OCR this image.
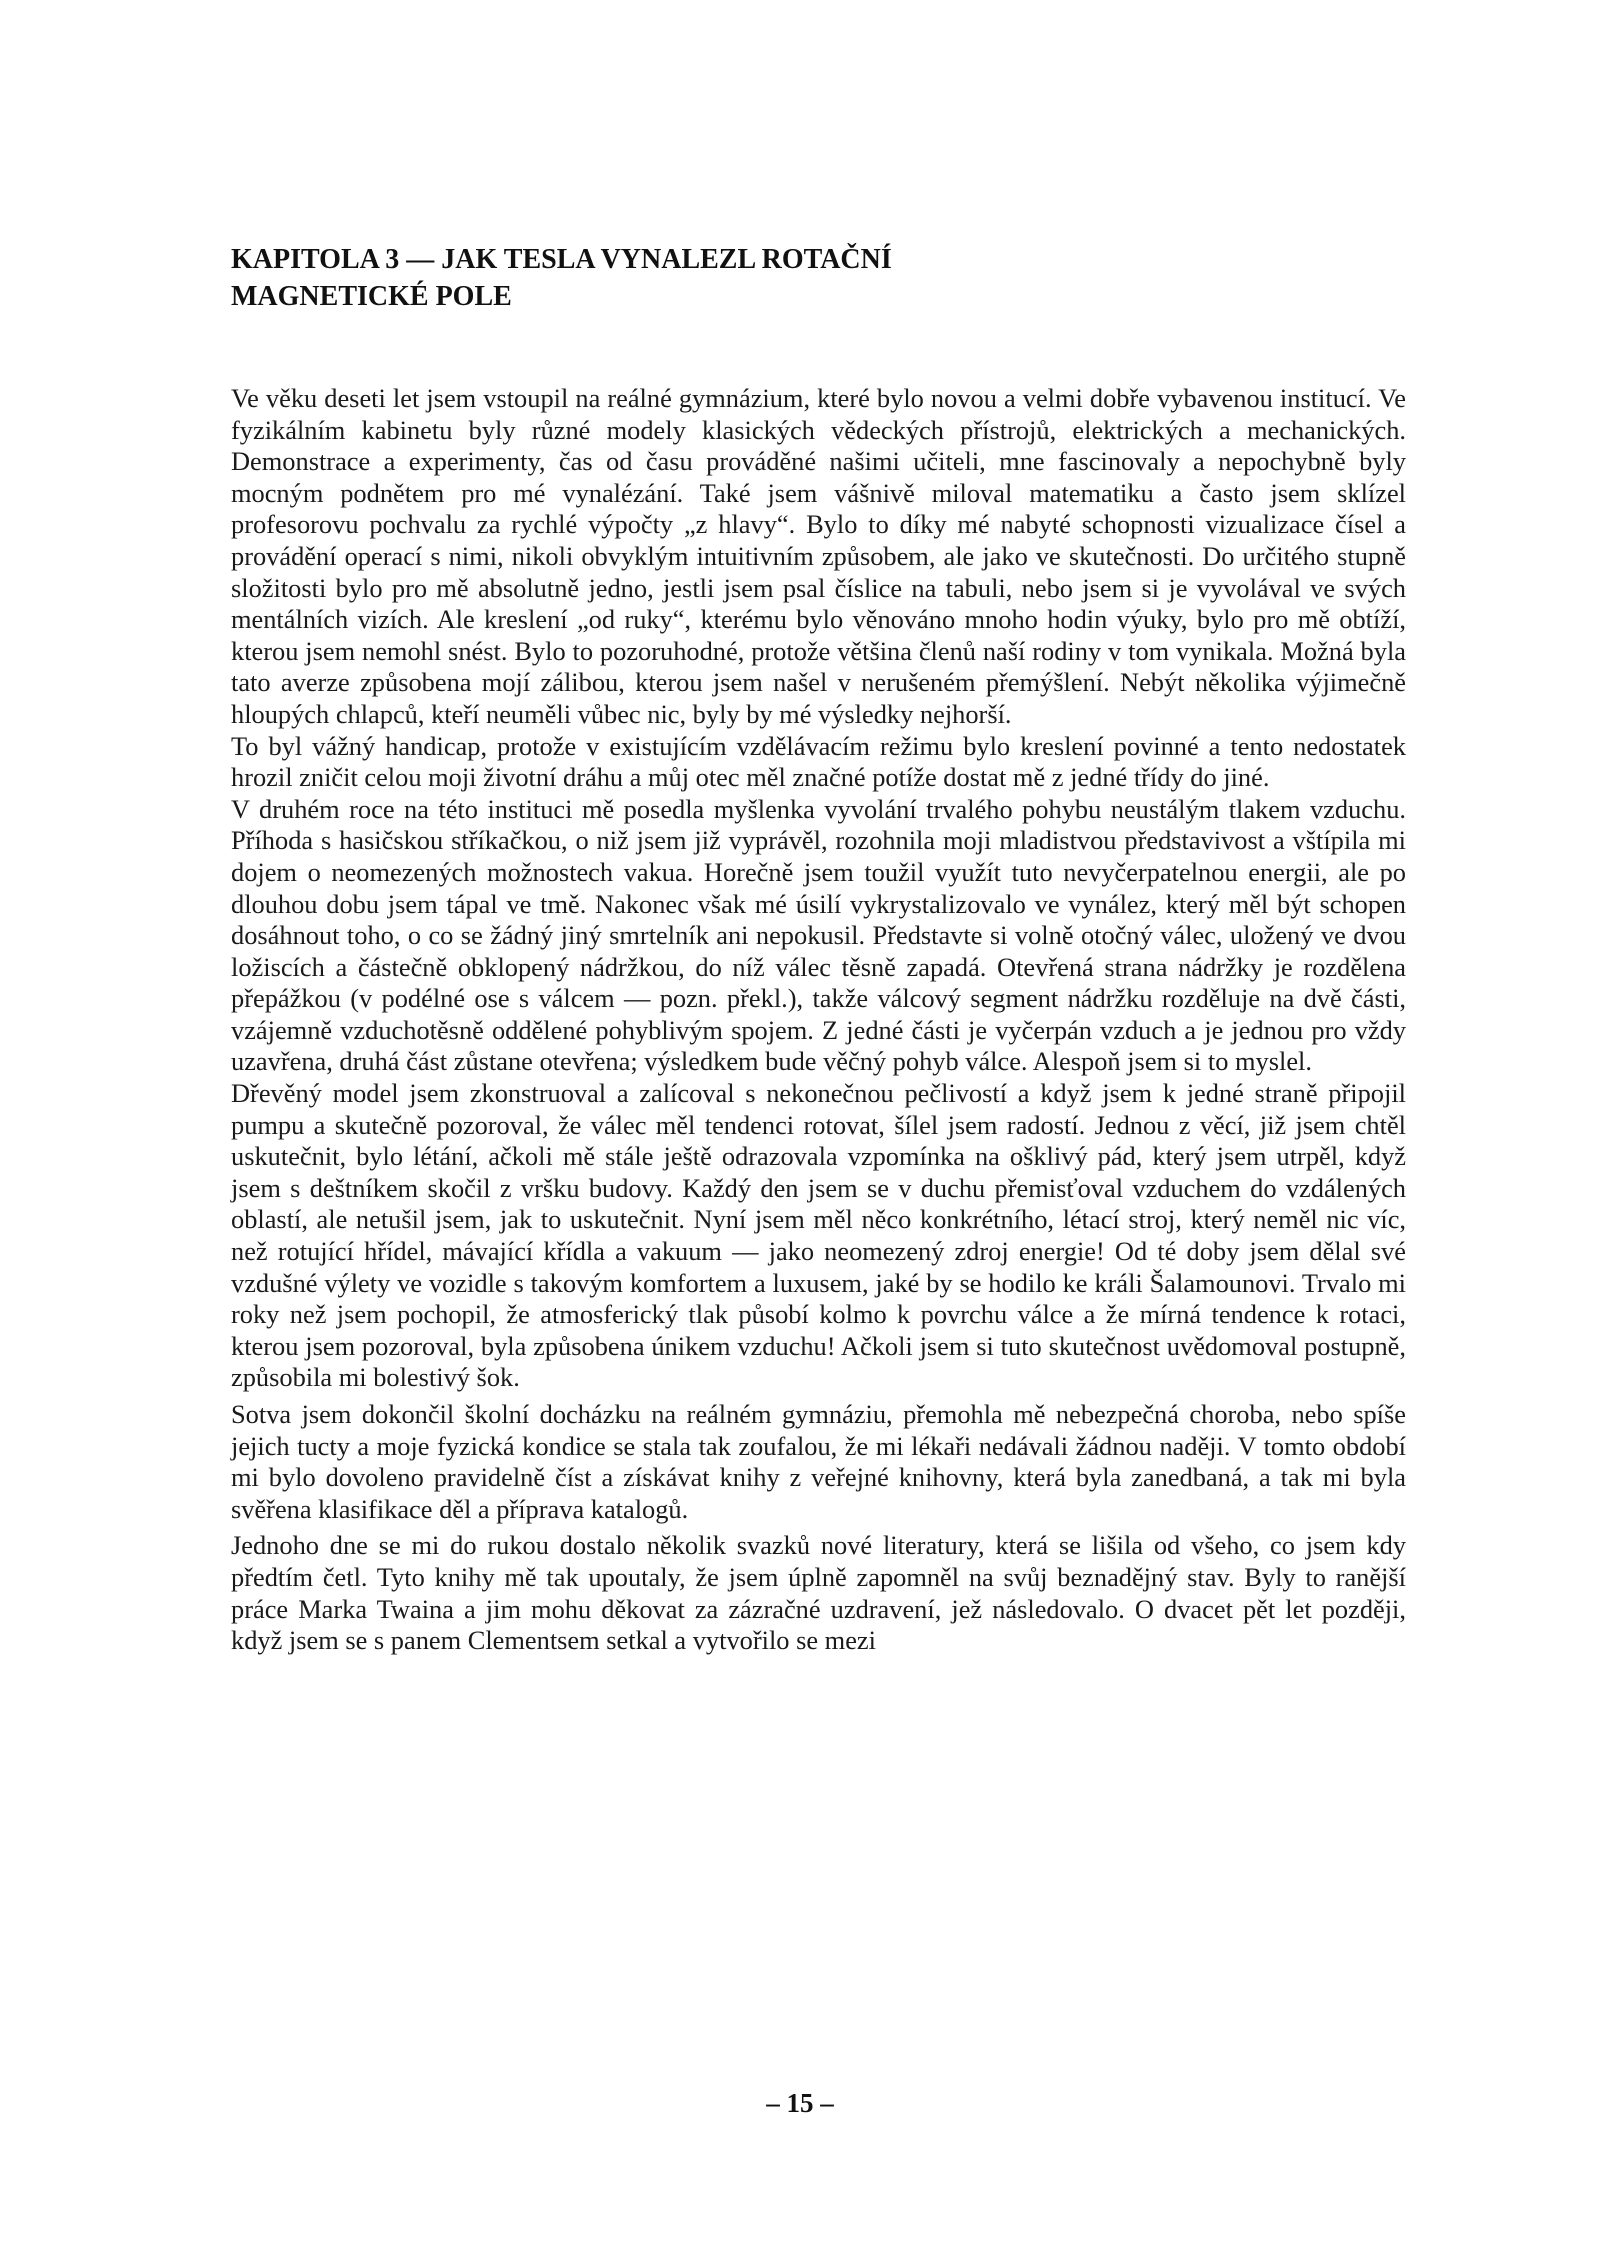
KAPITOLA 3 — JAK TESLA VYNALEZL ROTAČNÍ
MAGNETICKÉ POLE

Ve věku deseti let jsem vstoupil na reálné gymnázium, které bylo novou a velmi dobře vybavenou institucí. Ve fyzikálním kabinetu byly různé modely klasických vědeckých přístrojů, elektrických a mechanických. Demonstrace a experimenty, čas od času prováděné našimi učiteli, mne fascinovaly a nepochybně byly mocným podnětem pro mé vynalézání. Také jsem vášnivě miloval matematiku a často jsem sklízel profesorovu pochvalu za rychlé výpočty „z hlavy“. Bylo to díky mé nabyté schopnosti vizualizace čísel a provádění operací s nimi, nikoli obvyklým intuitivním způsobem, ale jako ve skutečnosti. Do určitého stupně složitosti bylo pro mě absolutně jedno, jestli jsem psal číslice na tabuli, nebo jsem si je vyvolával ve svých mentálních vizích. Ale kreslení „od ruky“, kterému bylo věnováno mnoho hodin výuky, bylo pro mě obtíží, kterou jsem nemohl snést. Bylo to pozoruhodné, protože většina členů naší rodiny v tom vynikala. Možná byla tato averze způsobena mojí zálibou, kterou jsem našel v nerušeném přemýšlení. Nebýt několika výjimečně hloupých chlapců, kteří neuměli vůbec nic, byly by mé výsledky nejhorší.

To byl vážný handicap, protože v existujícím vzdělávacím režimu bylo kreslení povinné a tento nedostatek hrozil zničit celou moji životní dráhu a můj otec měl značné potíže dostat mě z jedné třídy do jiné.

V druhém roce na této instituci mě posedla myšlenka vyvolání trvalého pohybu neustálým tlakem vzduchu. Příhoda s hasičskou stříkačkou, o niž jsem již vyprávěl, rozohnila moji mladistvou představivost a vštípila mi dojem o neomezených možnostech vakua. Horečně jsem toužil využít tuto nevyčerpatelnou energii, ale po dlouhou dobu jsem tápal ve tmě. Nakonec však mé úsilí vykrystalizovalo ve vynález, který měl být schopen dosáhnout toho, o co se žádný jiný smrtelník ani nepokusil. Představte si volně otočný válec, uložený ve dvou ložiscích a částečně obklopený nádržkou, do níž válec těsně zapadá. Otevřená strana nádržky je rozdělena přepážkou (v podélné ose s válcem — pozn. překl.), takže válcový segment nádržku rozděluje na dvě části, vzájemně vzduchotěsně oddělené pohyblivým spojem. Z jedné části je vyčerpán vzduch a je jednou pro vždy uzavřena, druhá část zůstane otevřena; výsledkem bude věčný pohyb válce. Alespoň jsem si to myslel.

Dřevěný model jsem zkonstruoval a zalícoval s nekonečnou pečlivostí a když jsem k jedné straně připojil pumpu a skutečně pozoroval, že válec měl tendenci rotovat, šílel jsem radostí. Jednou z věcí, již jsem chtěl uskutečnit, bylo létání, ačkoli mě stále ještě odrazovala vzpomínka na ošklivý pád, který jsem utrpěl, když jsem s deštníkem skočil z vršku budovy. Každý den jsem se v duchu přemisťoval vzduchem do vzdálených oblastí, ale netušil jsem, jak to uskutečnit. Nyní jsem měl něco konkrétního, létací stroj, který neměl nic víc, než rotující hřídel, mávající křídla a vakuum — jako neomezený zdroj energie! Od té doby jsem dělal své vzdušné výlety ve vozidle s takovým komfortem a luxusem, jaké by se hodilo ke králi Šalamounovi. Trvalo mi roky než jsem pochopil, že atmosferický tlak působí kolmo k povrchu válce a že mírná tendence k rotaci, kterou jsem pozoroval, byla způsobena únikem vzduchu! Ačkoli jsem si tuto skutečnost uvědomoval postupně, způsobila mi bolestivý šok.

Sotva jsem dokončil školní docházku na reálném gymnáziu, přemohla mě nebezpečná choroba, nebo spíše jejich tucty a moje fyzická kondice se stala tak zoufalou, že mi lékaři nedávali žádnou naději. V tomto období mi bylo dovoleno pravidelně číst a získávat knihy z veřejné knihovny, která byla zanedbaná, a tak mi byla svěřena klasifikace děl a příprava katalogů.

Jednoho dne se mi do rukou dostalo několik svazků nové literatury, která se lišila od všeho, co jsem kdy předtím četl. Tyto knihy mě tak upoutaly, že jsem úplně zapomněl na svůj beznadějný stav. Byly to ranější práce Marka Twaina a jim mohu děkovat za zázračné uzdravení, jež následovalo. O dvacet pět let později, když jsem se s panem Clementsem setkal a vytvořilo se mezi

– 15 –
